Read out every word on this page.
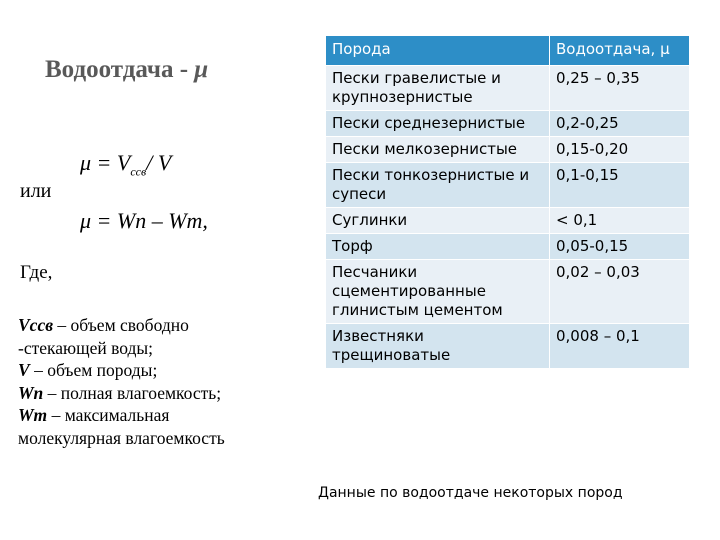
Водоотдача - μ
$\mu = V_{ссв}/$ V
или
μ = Wn – Wm,
Где,
Vссв – объем свободно
-стекающей воды;
V – объем породы;
Wn – полная влагоемкость;
Wm – максимальная
молекулярная влагоемкость
Порода	Водоотдача, μ
Пески гравелистые и крупнозернистые	0,25 – 0,35
Пески среднезернистые	0,2-0,25
Пески мелкозернистые	0,15-0,20
Пески тонкозернистые и супеси	0,1-0,15
Суглинки	< 0,1
Торф	0,05-0,15
Песчаники сцементированные глинистым цементом	0,02 – 0,03
Известняки трещиноватые	0,008 – 0,1
Данные по водоотдаче некоторых пород
